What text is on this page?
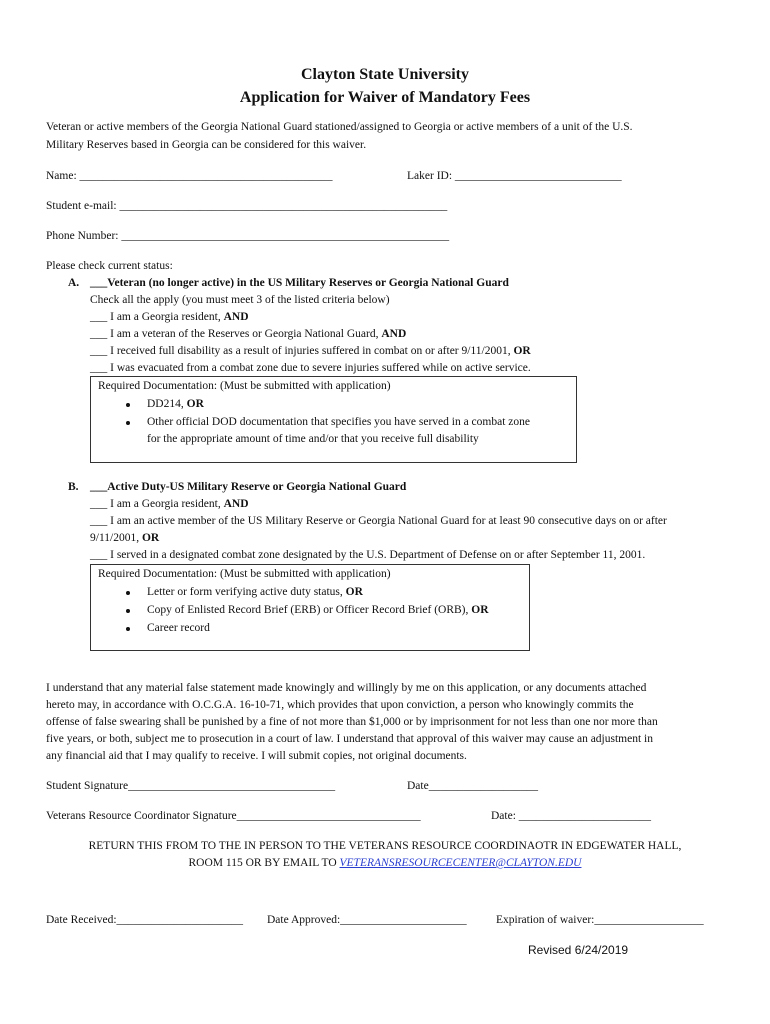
Clayton State University
Application for Waiver of Mandatory Fees
Veteran or active members of the Georgia National Guard stationed/assigned to Georgia or active members of a unit of the U.S.
Military Reserves based in Georgia can be considered for this waiver.
Name: ____________________________________________	Laker ID: _____________________________
Student e-mail: _________________________________________________________
Phone Number: _________________________________________________________
Please check current status:
A. ___Veteran (no longer active) in the US Military Reserves or Georgia National Guard
Check all the apply (you must meet 3 of the listed criteria below)
___ I am a Georgia resident, AND
___ I am a veteran of the Reserves or Georgia National Guard, AND
___ I received full disability as a result of injuries suffered in combat on or after 9/11/2001, OR
___ I was evacuated from a combat zone due to severe injuries suffered while on active service.
Required Documentation: (Must be submitted with application)
DD214, OR
Other official DOD documentation that specifies you have served in a combat zone
for the appropriate amount of time and/or that you receive full disability
B. ___Active Duty-US Military Reserve or Georgia National Guard
___ I am a Georgia resident, AND
___ I am an active member of the US Military Reserve or Georgia National Guard for at least 90 consecutive days on or after
9/11/2001, OR
___ I served in a designated combat zone designated by the U.S. Department of Defense on or after September 11, 2001.
Required Documentation: (Must be submitted with application)
Letter or form verifying active duty status, OR
Copy of Enlisted Record Brief (ERB) or Officer Record Brief (ORB), OR
Career record
I understand that any material false statement made knowingly and willingly by me on this application, or any documents attached
hereto may, in accordance with O.C.G.A. 16-10-71, which provides that upon conviction, a person who knowingly commits the
offense of false swearing shall be punished by a fine of not more than $1,000 or by imprisonment for not less than one nor more than
five years, or both, subject me to prosecution in a court of law. I understand that approval of this waiver may cause an adjustment in
any financial aid that I may qualify to receive. I will submit copies, not original documents.
Student Signature____________________________________	Date___________________
Veterans Resource Coordinator Signature________________________________	Date: _______________________
RETURN THIS FROM TO THE IN PERSON TO THE VETERANS RESOURCE COORDINAOTR IN EDGEWATER HALL,
ROOM 115 OR BY EMAIL TO VETERANSRESOURCECENTER@CLAYTON.EDU
Date Received:______________________ Date Approved:______________________	Expiration of waiver:___________________
Revised 6/24/2019
